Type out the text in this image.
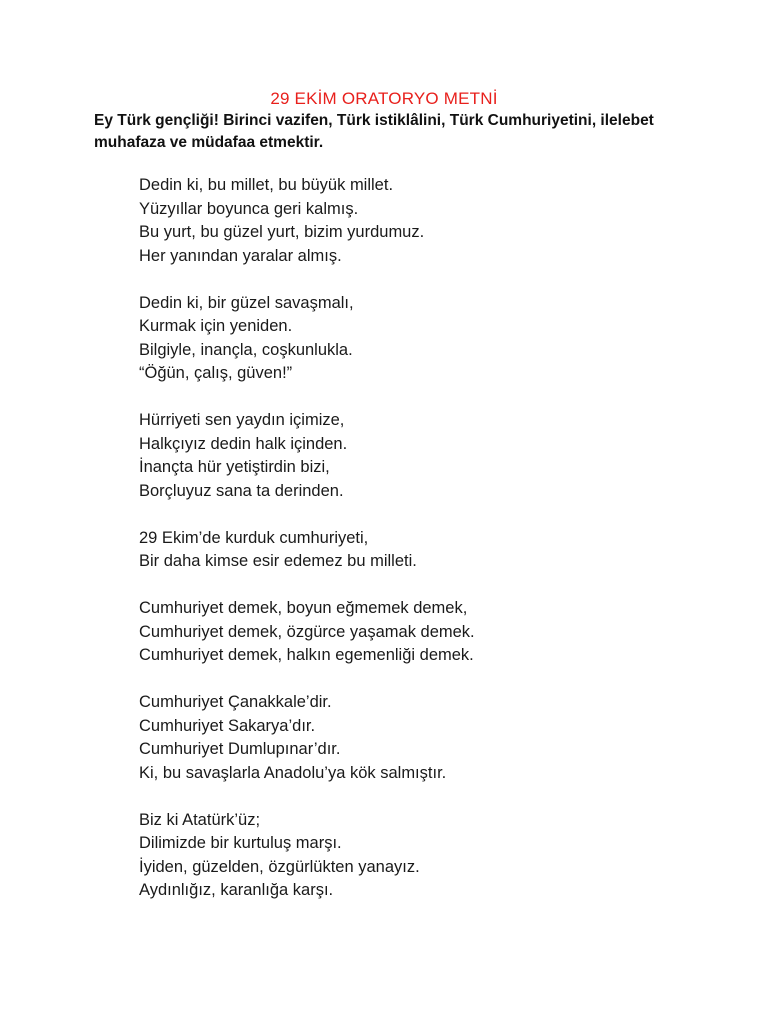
29 EKİM ORATORYO METNİ
Ey Türk gençliği! Birinci vazifen, Türk istiklâlini, Türk Cumhuriyetini, ilelebet muhafaza ve müdafaa etmektir.
Dedin ki, bu millet, bu büyük millet.
Yüzyıllar boyunca geri kalmış.
Bu yurt, bu güzel yurt, bizim yurdumuz.
Her yanından yaralar almış.
Dedin ki, bir güzel savaşmalı,
Kurmak için yeniden.
Bilgiyle, inançla, coşkunlukla.
“Öğün, çalış, güven!”
Hürriyeti sen yaydın içimize,
Halkçıyız dedin halk içinden.
İnançta hür yetiştirdin bizi,
Borçluyuz sana ta derinden.
29 Ekim’de kurduk cumhuriyeti,
Bir daha kimse esir edemez bu milleti.
Cumhuriyet demek, boyun eğmemek demek,
Cumhuriyet demek, özgürce yaşamak demek.
Cumhuriyet demek, halkın egemenliği demek.
Cumhuriyet Çanakkale’dir.
Cumhuriyet Sakarya’dır.
Cumhuriyet Dumlupınar’dır.
Ki, bu savaşlarla Anadolu’ya kök salmıştır.
Biz ki Atatürk’üz;
Dilimizde bir kurtuluş marşı.
İyiden, güzelden, özgürlükten yanayız.
Aydınlığız, karanlığa karşı.
